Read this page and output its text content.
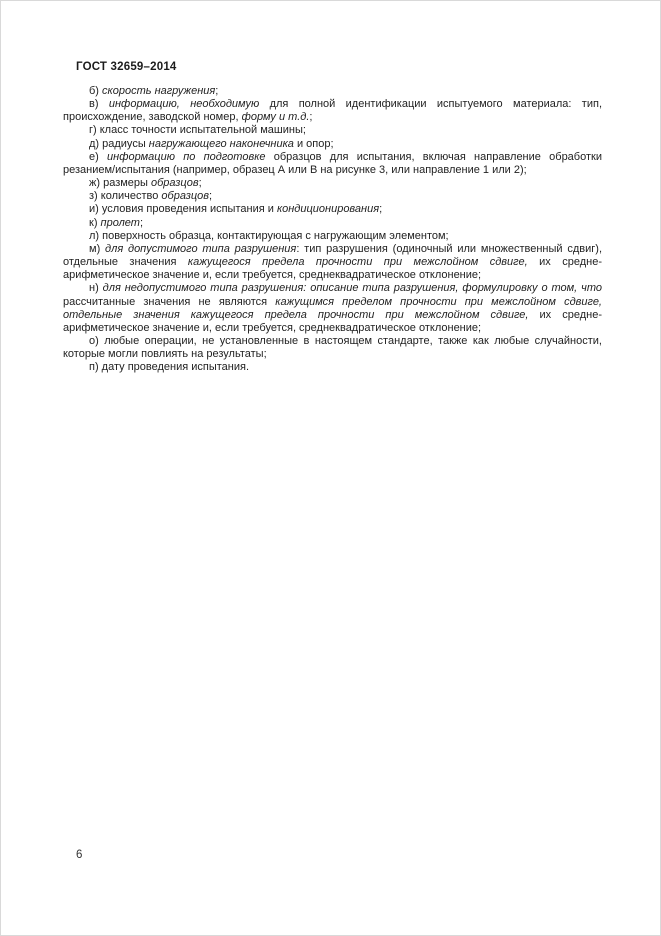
ГОСТ 32659–2014

б) скорость нагружения;

в) информацию, необходимую для полной идентификации испытуемого материала: тип, происхождение, заводской номер, форму и т.д.;

г) класс точности испытательной машины;

д) радиусы нагружающего наконечника и опор;

е) информацию по подготовке образцов для испытания, включая направление обработки резанием/испытания (например, образец А или В на рисунке 3, или направление 1 или 2);

ж) размеры образцов;

з) количество образцов;

и) условия проведения испытания и кондиционирования;

к) пролет;

л) поверхность образца, контактирующая с нагружающим элементом;

м) для допустимого типа разрушения: тип разрушения (одиночный или множественный сдвиг), отдельные значения кажущегося предела прочности при межслойном сдвиге, их среднеарифметическое значение и, если требуется, среднеквадратическое отклонение;

н) для недопустимого типа разрушения: описание типа разрушения, формулировку о том, что рассчитанные значения не являются кажущимся пределом прочности при межслойном сдвиге, отдельные значения кажущегося предела прочности при межслойном сдвиге, их среднеарифметическое значение и, если требуется, среднеквадратическое отклонение;

о) любые операции, не установленные в настоящем стандарте, также как любые случайности, которые могли повлиять на результаты;

п) дату проведения испытания.

6
